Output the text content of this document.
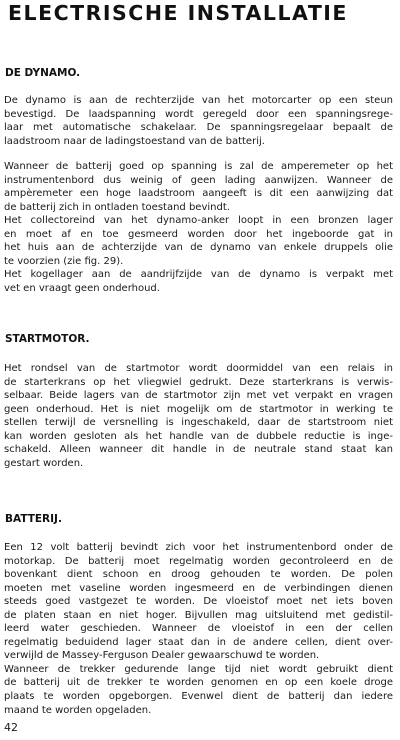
ELECTRISCHE INSTALLATIE
DE DYNAMO.

De dynamo is aan de rechterzijde van het motorcarter op een steun
bevestigd. De laadspanning wordt geregeld door een spanningsrege-
laar met automatische schakelaar. De spanningsregelaar bepaalt de
laadstroom naar de ladingstoestand van de batterij.

Wanneer de batterij goed op spanning is zal de amperemeter op het
instrumentenbord dus weinig of geen lading aanwijzen. Wanneer de
ampèremeter een hoge laadstroom aangeeft is dit een aanwijzing dat
de batterij zich in ontladen toestand bevindt.
Het collectoreind van het dynamo-anker loopt in een bronzen lager
en moet af en toe gesmeerd worden door het ingeboorde gat in
het huis aan de achterzijde van de dynamo van enkele druppels olie
te voorzien (zie fig. 29).
Het kogellager aan de aandrijfzijde van de dynamo is verpakt met
vet en vraagt geen onderhoud.

STARTMOTOR.

Het rondsel van de startmotor wordt doormiddel van een relais in
de starterkrans op het vliegwiel gedrukt. Deze starterkrans is verwis-
selbaar. Beide lagers van de startmotor zijn met vet verpakt en vragen
geen onderhoud. Het is niet mogelijk om de startmotor in werking te
stellen terwijl de versnelling is ingeschakeld, daar de startstroom niet
kan worden gesloten als het handle van de dubbele reductie is inge-
schakeld. Alleen wanneer dit handle in de neutrale stand staat kan
gestart worden.

BATTERIJ.

Een 12 volt batterij bevindt zich voor het instrumentenbord onder de
motorkap. De batterij moet regelmatig worden gecontroleerd en de
bovenkant dient schoon en droog gehouden te worden. De polen
moeten met vaseline worden ingesmeerd en de verbindingen dienen
steeds goed vastgezet te worden. De vloeistof moet net iets boven
de platen staan en niet hoger. Bijvullen mag uitsluitend met gedistil-
leerd water geschieden. Wanneer de vloeistof in een der cellen
regelmatig beduidend lager staat dan in de andere cellen, dient over-
verwijld de Massey-Ferguson Dealer gewaarschuwd te worden.
Wanneer de trekker gedurende lange tijd niet wordt gebruikt dient
de batterij uit de trekker te worden genomen en op een koele droge
plaats te worden opgeborgen. Evenwel dient de batterij dan iedere
maand te worden opgeladen.

42
